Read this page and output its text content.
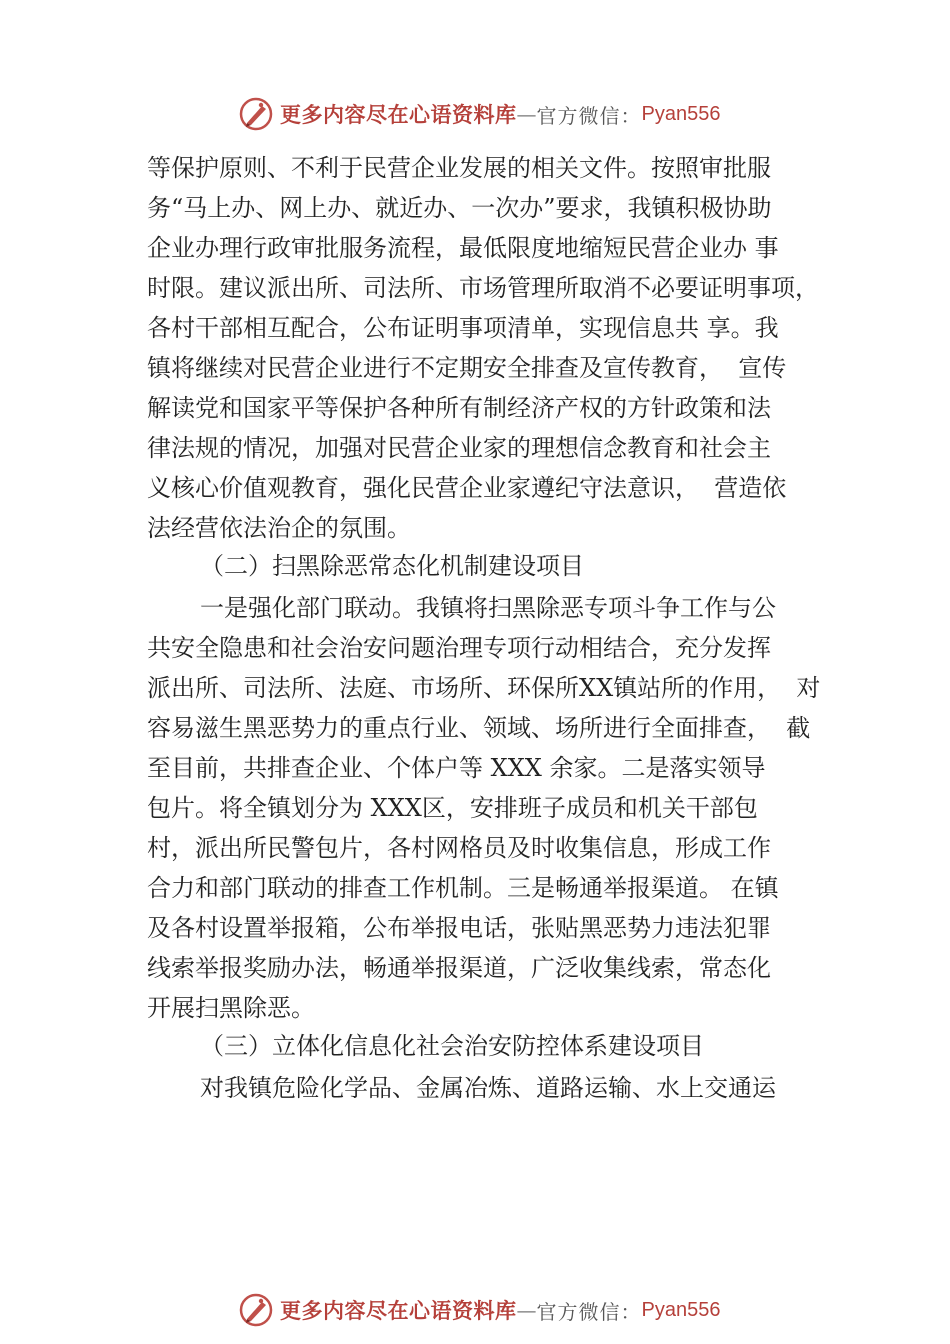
更多内容尽在心语资料库 — 官方微信： Pyan556
等保护原则、不利于民营企业发展的相关文件。按照审批服
务“马上办、网上办、就近办、一次办”要求，我镇积极协助
企业办理行政审批服务流程，最低限度地缩短民营企业办 事
时限。建议派出所、司法所、市场管理所取消不必要证明事项，
各村干部相互配合，公布证明事项清单，实现信息共 享。我
镇将继续对民营企业进行不定期安全排查及宣传教育，  宣传
解读党和国家平等保护各种所有制经济产权的方针政策和法
律法规的情况，加强对民营企业家的理想信念教育和社会主
义核心价值观教育，强化民营企业家遵纪守法意识，  营造依
法经营依法治企的氛围。
（二）扫黑除恶常态化机制建设项目
一是强化部门联动。我镇将扫黑除恶专项斗争工作与公
共安全隐患和社会治安问题治理专项行动相结合，充分发挥
派出所、司法所、法庭、市场所、环保所XX镇站所的作用，  对
容易滋生黑恶势力的重点行业、领域、场所进行全面排查，  截
至目前，共排查企业、个体户等 XXX 余家。二是落实领导
包片。将全镇划分为 XXX区，安排班子成员和机关干部包
村，派出所民警包片，各村网格员及时收集信息，形成工作
合力和部门联动的排查工作机制。三是畅通举报渠道。 在镇
及各村设置举报箱，公布举报电话，张贴黑恶势力违法犯罪
线索举报奖励办法，畅通举报渠道，广泛收集线索，常态化
开展扫黑除恶。
（三）立体化信息化社会治安防控体系建设项目
对我镇危险化学品、金属冶炼、道路运输、水上交通运
更多内容尽在心语资料库 — 官方微信： Pyan556
